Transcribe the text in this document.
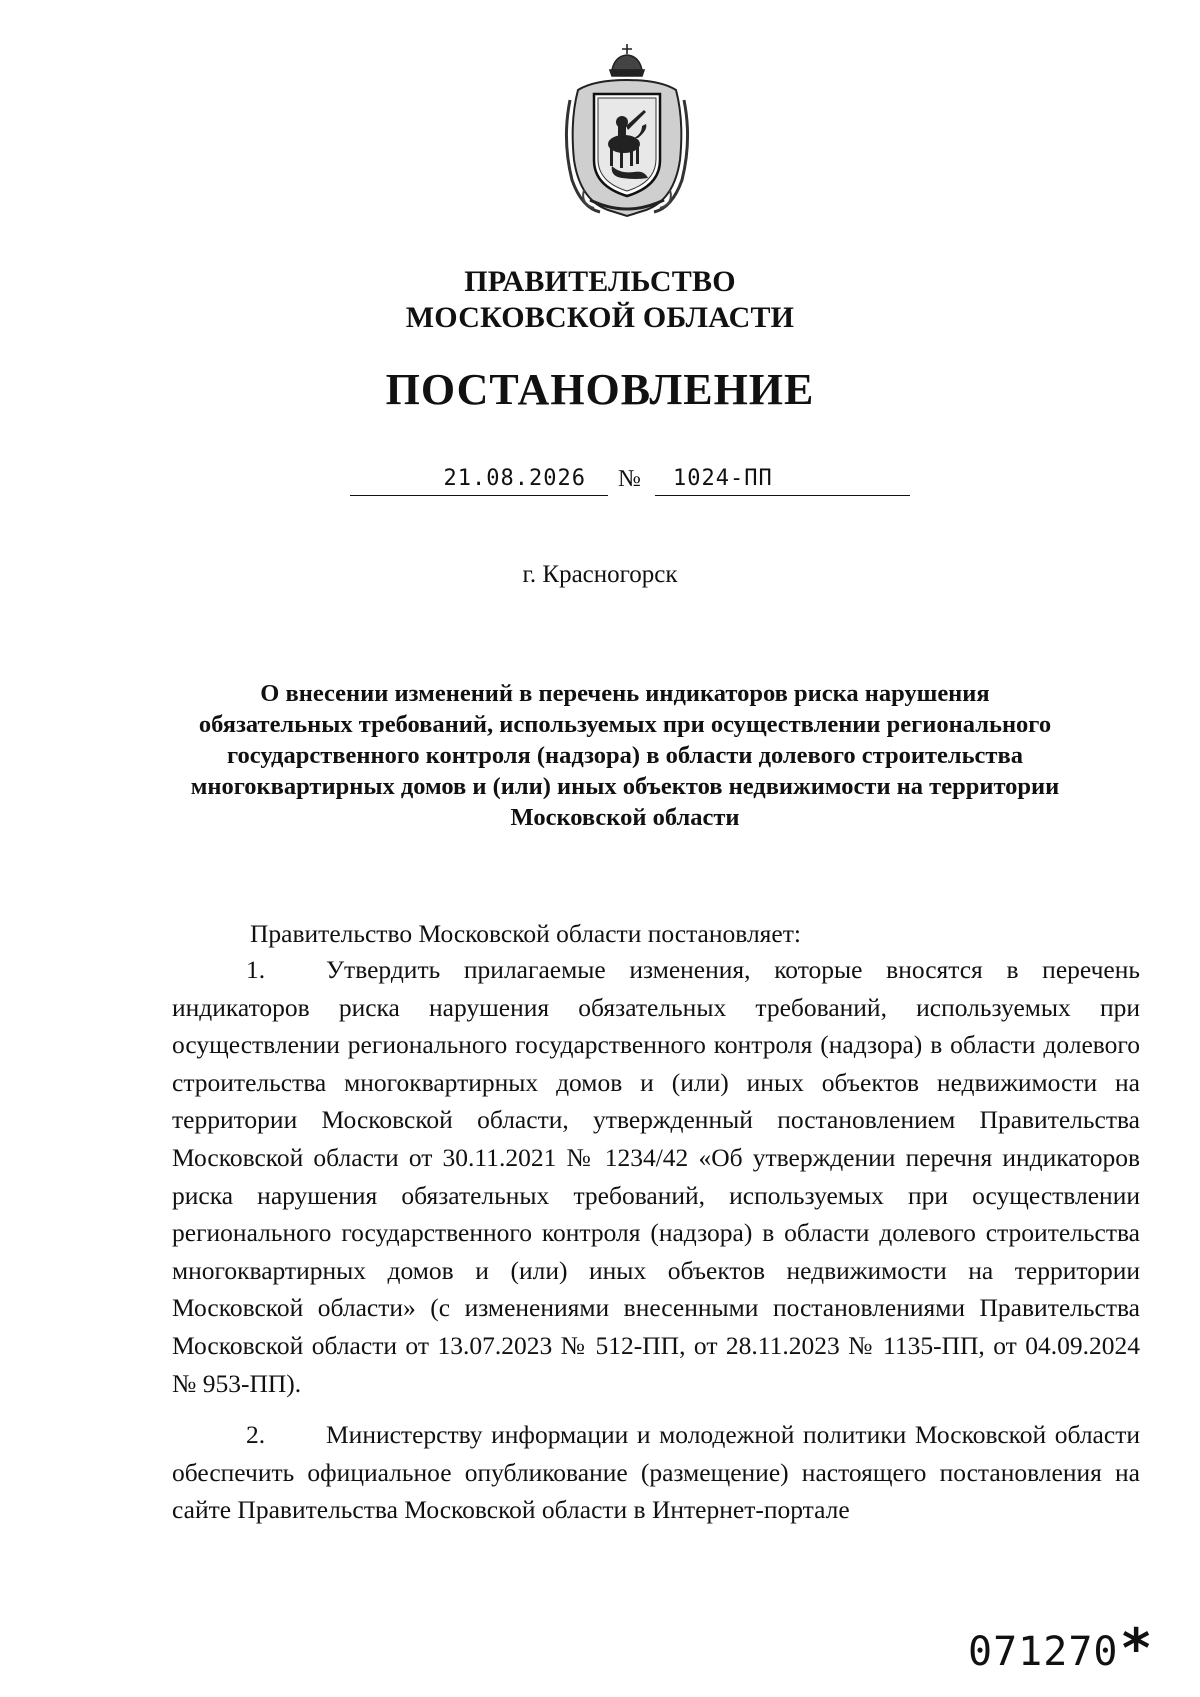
ПРАВИТЕЛЬСТВО
МОСКОВСКОЙ ОБЛАСТИ
ПОСТАНОВЛЕНИЕ
21.08.2026	№	1024-ПП
г. Красногорск
О внесении изменений в перечень индикаторов риска нарушения обязательных требований, используемых при осуществлении регионального государственного контроля (надзора) в области долевого строительства многоквартирных домов и (или) иных объектов недвижимости на территории Московской области
Правительство Московской области постановляет:
1. Утвердить прилагаемые изменения, которые вносятся в перечень индикаторов риска нарушения обязательных требований, используемых при осуществлении регионального государственного контроля (надзора) в области долевого строительства многоквартирных домов и (или) иных объектов недвижимости на территории Московской области, утвержденный постановлением Правительства Московской области от 30.11.2021 № 1234/42 «Об утверждении перечня индикаторов риска нарушения обязательных требований, используемых при осуществлении регионального государственного контроля (надзора) в области долевого строительства многоквартирных домов и (или) иных объектов недвижимости на территории Московской области» (с изменениями внесенными постановлениями Правительства Московской области от 13.07.2023 № 512-ПП, от 28.11.2023 № 1135-ПП, от 04.09.2024 № 953-ПП).
2. Министерству информации и молодежной политики Московской области обеспечить официальное опубликование (размещение) настоящего постановления на сайте Правительства Московской области в Интернет-портале
071270 *
